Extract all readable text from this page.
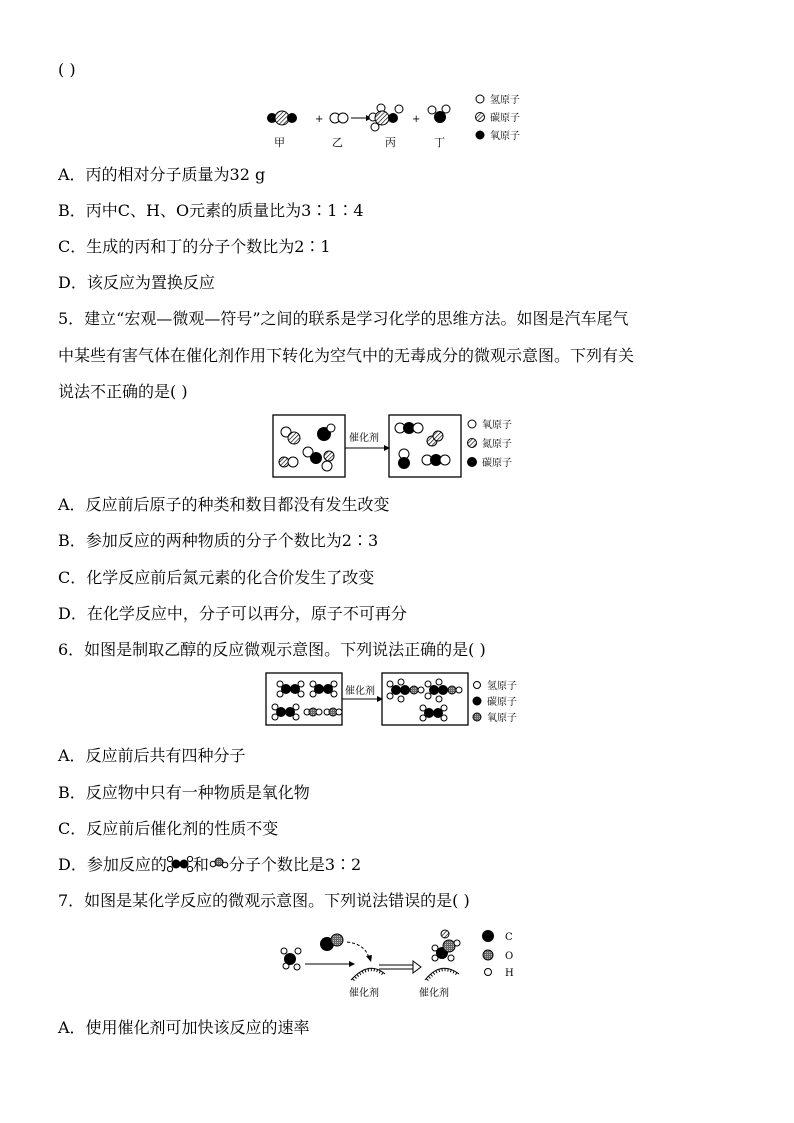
( )
+	+
甲	乙	丙	丁
氢原子
碳原子
氧原子
A．丙的相对分子质量为32 g
B．丙中C、H、O元素的质量比为3∶1∶4
C．生成的丙和丁的分子个数比为2∶1
D．该反应为置换反应
5．建立“宏观—微观—符号”之间的联系是学习化学的思维方法。如图是汽车尾气
中某些有害气体在催化剂作用下转化为空气中的无毒成分的微观示意图。下列有关
说法不正确的是( )
催化剂
氧原子
氮原子
碳原子
A．反应前后原子的种类和数目都没有发生改变
B．参加反应的两种物质的分子个数比为2∶3
C．化学反应前后氮元素的化合价发生了改变
D．在化学反应中，分子可以再分，原子不可再分
6．如图是制取乙醇的反应微观示意图。下列说法正确的是( )
催化剂	氢原子
碳原子
氧原子
A．反应前后共有四种分子
B．反应物中只有一种物质是氧化物
C．反应前后催化剂的性质不变
D．参加反应的 和 分子个数比是3∶2
7．如图是某化学反应的微观示意图。下列说法错误的是( )
催化剂	催化剂
C
O
H
A．使用催化剂可加快该反应的速率
